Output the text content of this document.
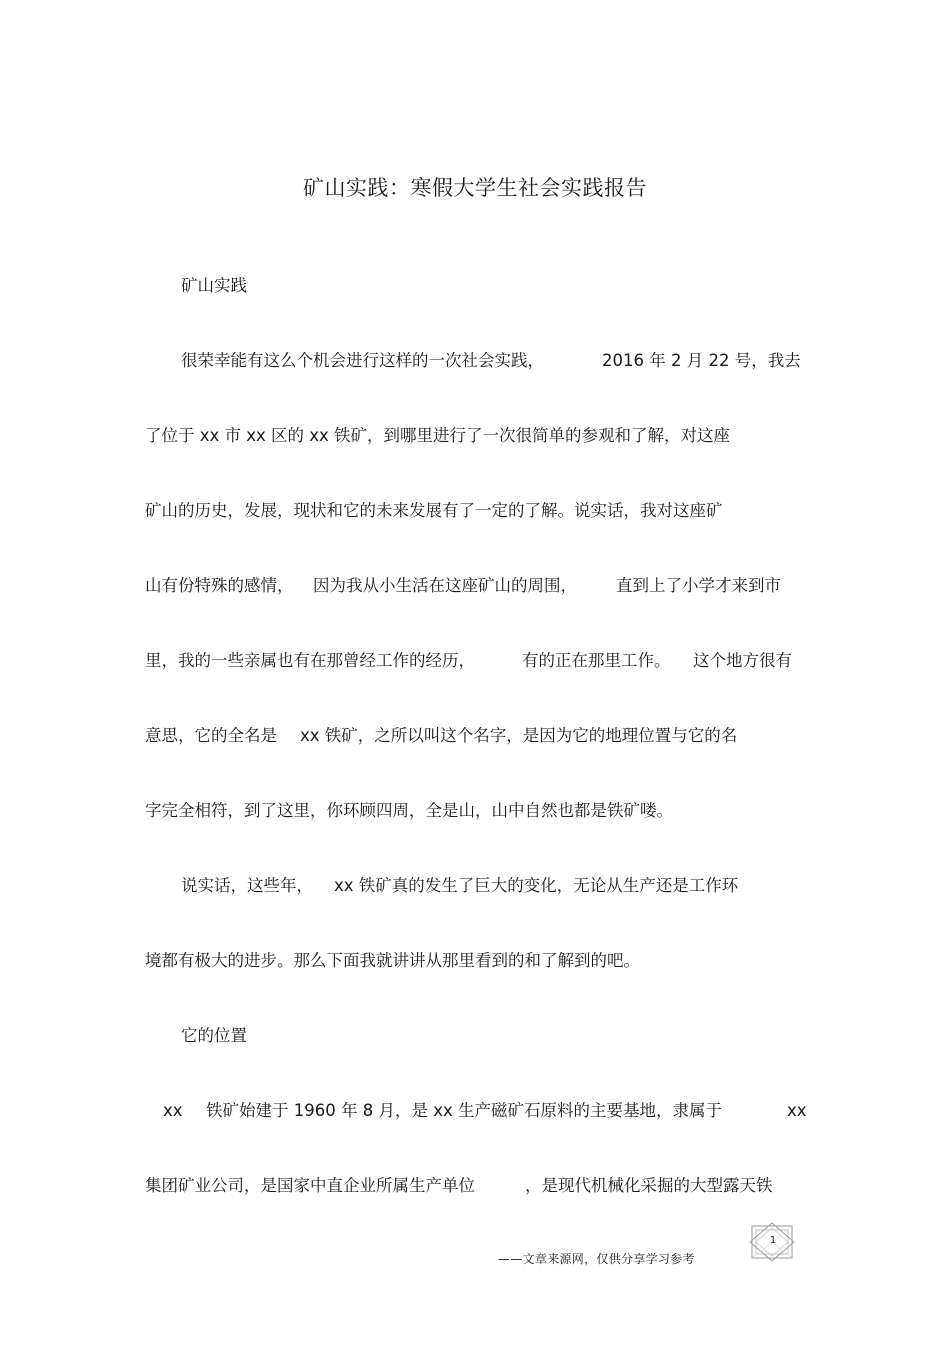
矿山实践：寒假大学生社会实践报告
矿山实践
很荣幸能有这么个机会进行这样的一次社会实践，	2016 年 2 月 22 号，我去
了位于 xx 市 xx 区的 xx 铁矿，到哪里进行了一次很简单的参观和了解，对这座
矿山的历史，发展，现状和它的未来发展有了一定的了解。说实话，我对这座矿
山有份特殊的感情， 因为我从小生活在这座矿山的周围， 直到上了小学才来到市
里，我的一些亲属也有在那曾经工作的经历，	有的正在那里工作。 这个地方很有
意思，它的全名是 xx 铁矿，之所以叫这个名字，是因为它的地理位置与它的名
字完全相符，到了这里，你环顾四周，全是山，山中自然也都是铁矿喽。
说实话，这些年， xx 铁矿真的发生了巨大的变化，无论从生产还是工作环
境都有极大的进步。那么下面我就讲讲从那里看到的和了解到的吧。
它的位置
xx 铁矿始建于 1960 年 8 月，是 xx 生产磁矿石原料的主要基地，隶属于	xx
集团矿业公司，是国家中直企业所属生产单位	，是现代机械化采掘的大型露天铁
——文章来源网，仅供分享学习参考
1
